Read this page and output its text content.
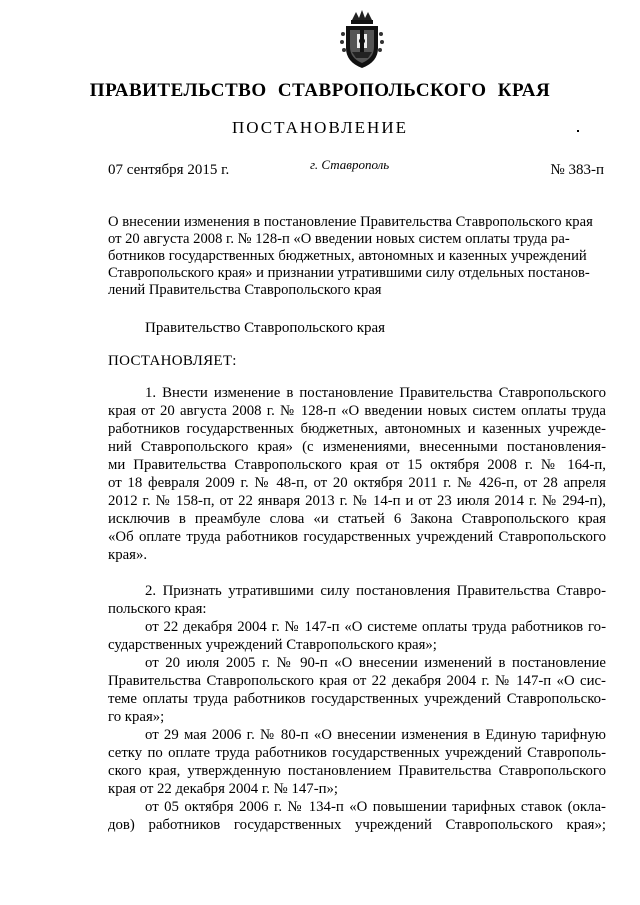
ПРАВИТЕЛЬСТВО СТАВРОПОЛЬСКОГО КРАЯ
ПОСТАНОВЛЕНИЕ
07 сентября 2015 г.	г. Ставрополь	№ 383-п
О внесении изменения в постановление Правительства Ставропольского края
от 20 августа 2008 г. № 128-п «О введении новых систем оплаты труда ра-
ботников государственных бюджетных, автономных и казенных учреждений
Ставропольского края» и признании утратившими силу отдельных постанов-
лений Правительства Ставропольского края
Правительство Ставропольского края
ПОСТАНОВЛЯЕТ:
1. Внести изменение в постановление Правительства Ставропольского
края от 20 августа 2008 г. № 128-п «О введении новых систем оплаты труда
работников государственных бюджетных, автономных и казенных учрежде-
ний Ставропольского края» (с изменениями, внесенными постановления-
ми Правительства Ставропольского края от 15 октября 2008 г. № 164-п,
от 18 февраля 2009 г. № 48-п, от 20 октября 2011 г. № 426-п, от 28 апреля
2012 г. № 158-п, от 22 января 2013 г. № 14-п и от 23 июля 2014 г. № 294-п),
исключив в преамбуле слова «и статьей 6 Закона Ставропольского края
«Об оплате труда работников государственных учреждений Ставропольского
края».
2. Признать утратившими силу постановления Правительства Ставро-
польского края:
от 22 декабря 2004 г. № 147-п «О системе оплаты труда работников го-
сударственных учреждений Ставропольского края»;
от 20 июля 2005 г. № 90-п «О внесении изменений в постановление
Правительства Ставропольского края от 22 декабря 2004 г. № 147-п «О сис-
теме оплаты труда работников государственных учреждений Ставропольско-
го края»;
от 29 мая 2006 г. № 80-п «О внесении изменения в Единую тарифную
сетку по оплате труда работников государственных учреждений Ставрополь-
ского края, утвержденную постановлением Правительства Ставропольского
края от 22 декабря 2004 г. № 147-п»;
от 05 октября 2006 г. № 134-п «О повышении тарифных ставок (окла-
дов) работников государственных учреждений Ставропольского края»;
